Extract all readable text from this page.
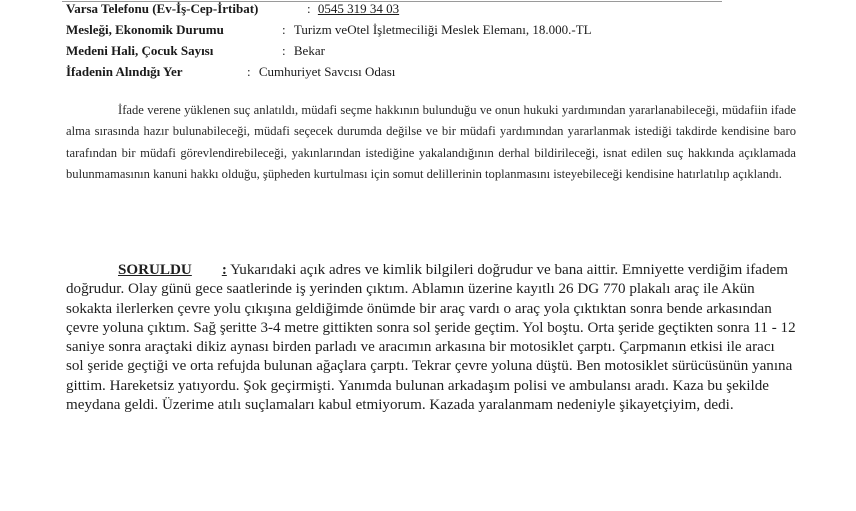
Varsa Telefonu (Ev-İş-Cep-İrtibat)	: 0545 319 34 03
Mesleği, Ekonomik Durumu	: Turizm veOtel İşletmeciliği Meslek Elemanı, 18.000.-TL
Medeni Hali, Çocuk Sayısı	: Bekar
İfadenin Alındığı Yer	: Cumhuriyet Savcısı Odası
İfade verene yüklenen suç anlatıldı, müdafi seçme hakkının bulunduğu ve onun hukuki yardımından yararlanabileceği, müdafiin ifade alma sırasında hazır bulunabileceği, müdafi seçecek durumda değilse ve bir müdafi yardımından yararlanmak istediği takdirde kendisine baro tarafından bir müdafi görevlendirebileceği, yakınlarından istediğine yakalandığının derhal bildirileceği, isnat edilen suç hakkında açıklamada bulunmamasının kanuni hakkı olduğu, şüpheden kurtulması için somut delillerinin toplanmasını isteyebileceği kendisine hatırlatılıp açıklandı.
SORULDU : Yukarıdaki açık adres ve kimlik bilgileri doğrudur ve bana aittir. Emniyette verdiğim ifadem doğrudur. Olay günü gece saatlerinde iş yerinden çıktım. Ablamın üzerine kayıtlı 26 DG 770 plakalı araç ile Akün sokakta ilerlerken çevre yolu çıkışına geldiğimde önümde bir araç vardı o araç yola çıktıktan sonra bende arkasından çevre yoluna çıktım. Sağ şeritte 3-4 metre gittikten sonra sol şeride geçtim. Yol boştu. Orta şeride geçtikten sonra 11 - 12 saniye sonra araçtaki dikiz aynası birden parladı ve aracımın arkasına bir motosiklet çarptı. Çarpmanın etkisi ile aracı sol şeride geçtiği ve orta refujda bulunan ağaçlara çarptı. Tekrar çevre yoluna düştü. Ben motosiklet sürücüsünün yanına gittim. Hareketsiz yatıyordu. Şok geçirmişti. Yanımda bulunan arkadaşım polisi ve ambulansı aradı. Kaza bu şekilde meydana geldi. Üzerime atılı suçlamaları kabul etmiyorum. Kazada yaralanmam nedeniyle şikayetçiyim, dedi.
